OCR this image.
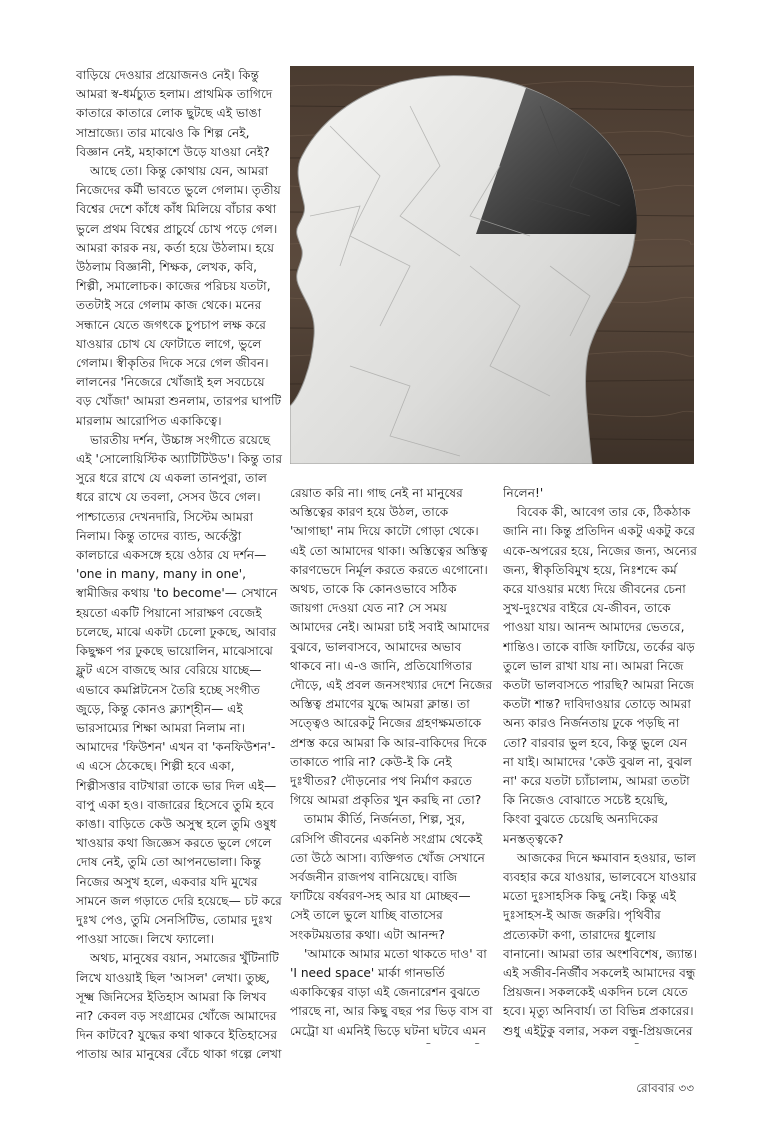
বাড়িয়ে দেওয়ার প্রয়োজনও নেই। কিন্তু আমরা স্ব-ধর্মচ্যুত হলাম। প্রাথমিক তাগিদে কাতারে কাতারে লোক ছুটছে এই ভাঙা সাম্রাজ্যে। তার মাঝেও কি শিল্প নেই, বিজ্ঞান নেই, মহাকাশে উড়ে যাওয়া নেই?

আছে তো। কিন্তু কোথায় যেন, আমরা নিজেদের কর্মী ভাবতে ভুলে গেলাম। তৃতীয় বিশ্বের দেশে কাঁধে কাঁধ মিলিয়ে বাঁচার কথা ভুলে প্রথম বিশ্বের প্রাচুর্যে চোখ পড়ে গেল। আমরা কারক নয়, কর্তা হয়ে উঠলাম। হয়ে উঠলাম বিজ্ঞানী, শিক্ষক, লেখক, কবি, শিল্পী, সমালোচক। কাজের পরিচয় যতটা, ততটাই সরে গেলাম কাজ থেকে। মনের সন্ধানে যেতে জগৎকে চুপচাপ লক্ষ করে যাওয়ার চোখ যে ফোটাতে লাগে, ভুলে গেলাম। স্বীকৃতির দিকে সরে গেল জীবন। লালনের 'নিজেরে খোঁজাই হল সবচেয়ে বড় খোঁজা' আমরা শুনলাম, তারপর ঘাপটি মারলাম আরোপিত একাকিত্বে।

ভারতীয় দর্শন, উচ্চাঙ্গ সংগীতে রয়েছে এই 'সোলোয়িস্টিক অ্যাটিটিউড'। কিন্তু তার সুরে ধরে রাখে যে একলা তানপুরা, তাল ধরে রাখে যে তবলা, সেসব উবে গেল। পাশ্চাত্যের দেখনদারি, সিস্টেম আমরা নিলাম। কিন্তু তাদের ব্যান্ড, অর্কেস্ট্রা কালচারে একসঙ্গে হয়ে ওঠার যে দর্শন— 'one in many, many in one', স্বামীজির কথায় 'to become'— সেখানে হয়তো একটি পিয়ানো সারাক্ষণ বেজেই চলেছে, মাঝে একটা চেলো ঢুকছে, আবার কিছুক্ষণ পর ঢুকছে ভায়োলিন, মাঝেসাঝে ফ্লুট এসে বাজছে আর বেরিয়ে যাচ্ছে— এভাবে কমপ্লিটনেস তৈরি হচ্ছে সংগীত জুড়ে, কিন্তু কোনও ক্ল্যাশ্‌হীন— এই ভারসাম্যের শিক্ষা আমরা নিলাম না। আমাদের 'ফিউশন' এখন বা 'কনফিউশন'-এ এসে ঠেকেছে। শিল্পী হবে একা, শিল্পীসত্তার বাটখারা তাকে ভার দিল এই— বাপু একা হও। বাজারের হিসেবে তুমি হবে কাঙা। বাড়িতে কেউ অসুস্থ হলে তুমি ওষুধ খাওয়ার কথা জিজ্ঞেস করতে ভুলে গেলে দোষ নেই, তুমি তো আপনভোলা। কিন্তু নিজের অসুখ হলে, একবার যদি মুখের সামনে জল গড়াতে দেরি হয়েছে— চট করে দুঃখ পেও, তুমি সেনসিটিভ, তোমার দুঃখ পাওয়া সাজে। লিখে ফ্যালো।

অথচ, মানুষের বয়ান, সমাজের খুঁটিনাটি লিখে যাওয়াই ছিল 'আসল' লেখা। তুচ্ছ, সূক্ষ্ম জিনিসের ইতিহাস আমরা কি লিখব না? কেবল বড় সংগ্রামের খোঁজে আমাদের দিন কাটবে? যুদ্ধের কথা থাকবে ইতিহাসের পাতায় আর মানুষের বেঁচে থাকা গল্পে লেখা

রেয়াত করি না। গাছ নেই না মানুষের অস্তিত্বের কারণ হয়ে উঠল, তাকে 'আগাছা' নাম দিয়ে কাটো গোড়া থেকে। এই তো আমাদের থাকা। অস্তিত্বের অস্তিত্ব কারণভেদে নির্মূল করতে করতে এগোনো। অথচ, তাকে কি কোনওভাবে সঠিক জায়গা দেওয়া যেত না? সে সময় আমাদের নেই। আমরা চাই সবাই আমাদের বুঝবে, ভালবাসবে, আমাদের অভাব থাকবে না। এ-ও জানি, প্রতিযোগিতার দৌড়ে, এই প্রবল জনসংখ্যার দেশে নিজের অস্তিত্ব প্রমাণের যুদ্ধে আমরা ক্লান্ত। তা সত্ত্বেও আরেকটু নিজের গ্রহণক্ষমতাকে প্রশস্ত করে আমরা কি আর-বাকিদের দিকে তাকাতে পারি না? কেউ-ই কি নেই দুঃখীতর? দৌড়নোর পথ নির্মাণ করতে গিয়ে আমরা প্রকৃতির খুন করছি না তো?

তামাম কীর্তি, নির্জনতা, শিল্প, সুর, রেসিপি জীবনের একনিষ্ঠ সংগ্রাম থেকেই তো উঠে আসা। ব্যক্তিগত খোঁজ সেখানে সর্বজনীন রাজপথ বানিয়েছে। বাজি ফাটিয়ে বর্ষবরণ-সহ আর যা মোচ্ছব— সেই তালে ভুলে যাচ্ছি বাতাসের সংকটময়তার কথা। এটা আনন্দ?

'আমাকে আমার মতো থাকতে দাও' বা 'I need space' মার্কা গানভর্তি একাকিত্বের বাড়া এই জেনারেশন বুঝতে পারছে না, আর কিছু বছর পর ভিড় বাস বা মেট্রো যা এমনিই ভিড়ে ঘটনা ঘটবে এমন

নিলেন!'

বিবেক কী, আবেগ তার কে, ঠিকঠাক জানি না। কিন্তু প্রতিদিন একটু একটু করে একে-অপরের হয়ে, নিজের জন্য, অন্যের জন্য, স্বীকৃতিবিমুখ হয়ে, নিঃশব্দে কর্ম করে যাওয়ার মধ্যে দিয়ে জীবনের চেনা সুখ-দুঃখের বাইরে যে-জীবন, তাকে পাওয়া যায়। আনন্দ আমাদের ভেতরে, শান্তিও। তাকে বাজি ফাটিয়ে, তর্কের ঝড় তুলে ভাল রাখা যায় না। আমরা নিজে কতটা ভালবাসতে পারছি? আমরা নিজে কতটা শান্ত? দাবিদাওয়ার তোড়ে আমরা অন্য কারও নির্জনতায় ঢুকে পড়ছি না তো? বারবার ভুল হবে, কিন্তু ভুলে যেন না যাই। আমাদের 'কেউ বুঝল না, বুঝল না' করে যতটা চ্যাঁচালাম, আমরা ততটা কি নিজেও বোঝাতে সচেষ্ট হয়েছি, কিংবা বুঝতে চেয়েছি অন্যদিকের মনস্তত্ত্বকে?

আজকের দিনে ক্ষমাবান হওয়ার, ভাল ব্যবহার করে যাওয়ার, ভালবেসে যাওয়ার মতো দুঃসাহসিক কিছু নেই। কিন্তু এই দুঃসাহস-ই আজ জরুরি। পৃথিবীর প্রত্যেকটা কণা, তারাদের ধুলোয় বানানো। আমরা তার অংশবিশেষ, জ্যান্ত। এই সজীব-নির্জীব সকলেই আমাদের বন্ধু প্রিয়জন। সকলকেই একদিন চলে যেতে হবে। মৃত্যু অনিবার্য। তা বিভিন্ন প্রকারের। শুধু এইটুকু বলার, সকল বন্ধু-প্রিয়জনের

রোববার ৩৩
